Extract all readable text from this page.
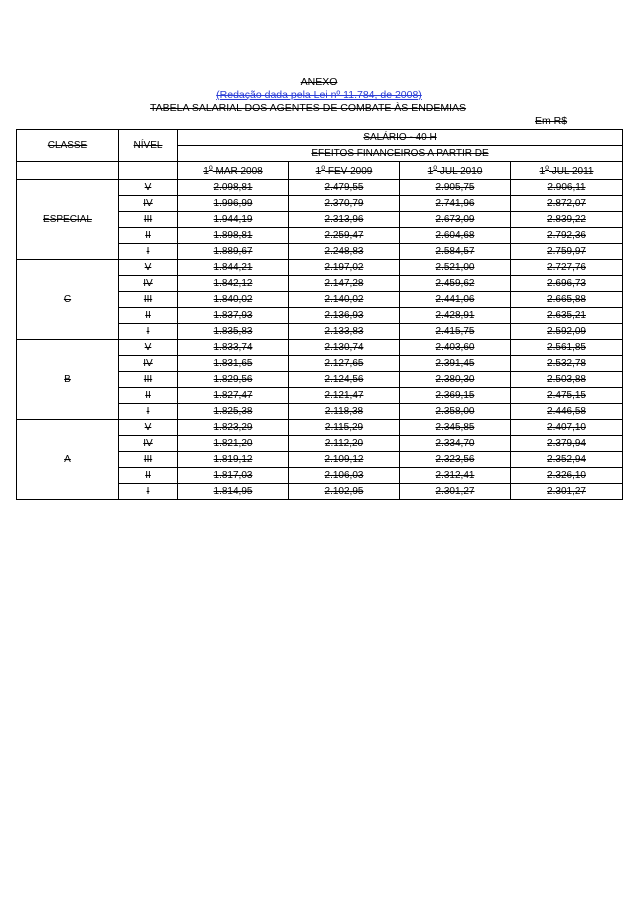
ANEXO
(Redação dada pela Lei nº 11.784, de 2008)
TABELA SALARIAL DOS AGENTES DE COMBATE ÀS ENDEMIAS
Em R$
CLASSE	NÍVEL	SALÁRIO - 40 H			
		EFEITOS FINANCEIROS A PARTIR DE			
		1$^o$ MAR 2008	1$^o$ FEV 2009	1$^o$ JUL 2010	1$^o$ JUL 2011
ESPECIAL	V	2.098,81	2.479,55	2.905,75	2.906,11
	IV	1.996,99	2.370,79	2.741,96	2.872,07
	III	1.944,19	2.313,96	2.673,09	2.839,22
	II	1.898,81	2.259,47	2.604,68	2.792,36
	I	1.889,67	2.248,83	2.584,57	2.759,97
C	V	1.844,21	2.197,02	2.521,00	2.727,76
	IV	1.842,12	2.147,28	2.459,62	2.696,73
	III	1.840,02	2.140,02	2.441,06	2.665,88
	II	1.837,93	2.136,93	2.428,91	2.635,21
	I	1.835,83	2.133,83	2.415,75	2.592,09
B	V	1.833,74	2.130,74	2.403,60	2.561,85
	IV	1.831,65	2.127,65	2.391,45	2.532,78
	III	1.829,56	2.124,56	2.380,30	2.503,88
	II	1.827,47	2.121,47	2.369,15	2.475,15
	I	1.825,38	2.118,38	2.358,00	2.446,58
A	V	1.823,29	2.115,29	2.345,85	2.407,10
	IV	1.821,20	2.112,20	2.334,70	2.379,94
	III	1.819,12	2.109,12	2.323,56	2.352,94
	II	1.817,03	2.106,03	2.312,41	2.326,10
	I	1.814,95	2.102,95	2.301,27	2.301,27
